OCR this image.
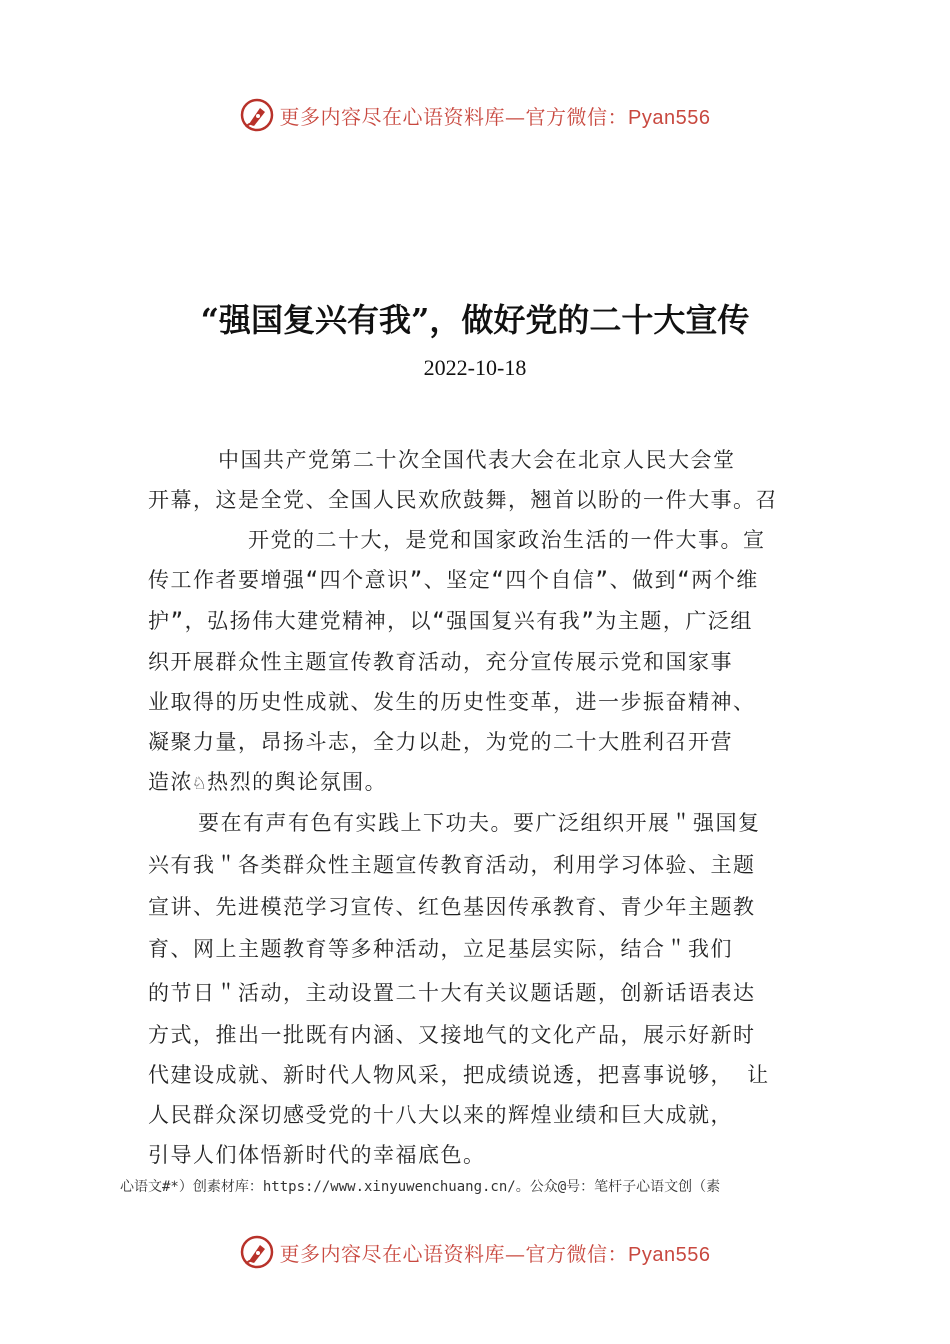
更多内容尽在心语资料库—官方微信：Pyan556
“强国复兴有我”，做好党的二十大宣传
2022-10-18
中国共产党第二十次全国代表大会在北京人民大会堂
开幕，这是全党、全国人民欢欣鼓舞，翘首以盼的一件大事。召
开党的二十大，是党和国家政治生活的一件大事。宣
传工作者要增强“四个意识”、坚定“四个自信”、做到“两个维
护”，弘扬伟大建党精神，以“强国复兴有我”为主题，广泛组
织开展群众性主题宣传教育活动，充分宣传展示党和国家事
业取得的历史性成就、发生的历史性变革，进一步振奋精神、
凝聚力量，昂扬斗志，全力以赴，为党的二十大胜利召开营
造浓♘热烈的舆论氛围。
要在有声有色有实践上下功夫。要广泛组织开展＂强国复
兴有我＂各类群众性主题宣传教育活动，利用学习体验、主题
宣讲、先进模范学习宣传、红色基因传承教育、青少年主题教
育、网上主题教育等多种活动，立足基层实际，结合＂我们
的节日＂活动，主动设置二十大有关议题话题，创新话语表达
方式，推出一批既有内涵、又接地气的文化产品，展示好新时
代建设成就、新时代人物风采，把成绩说透，把喜事说够， 让
人民群众深切感受党的十八大以来的辉煌业绩和巨大成就，
引导人们体悟新时代的幸福底色。
心语文#*）创素材库：https://www.xinyuwenchuang.cn/。公众@号：笔杆子心语文创（素
更多内容尽在心语资料库—官方微信：Pyan556
